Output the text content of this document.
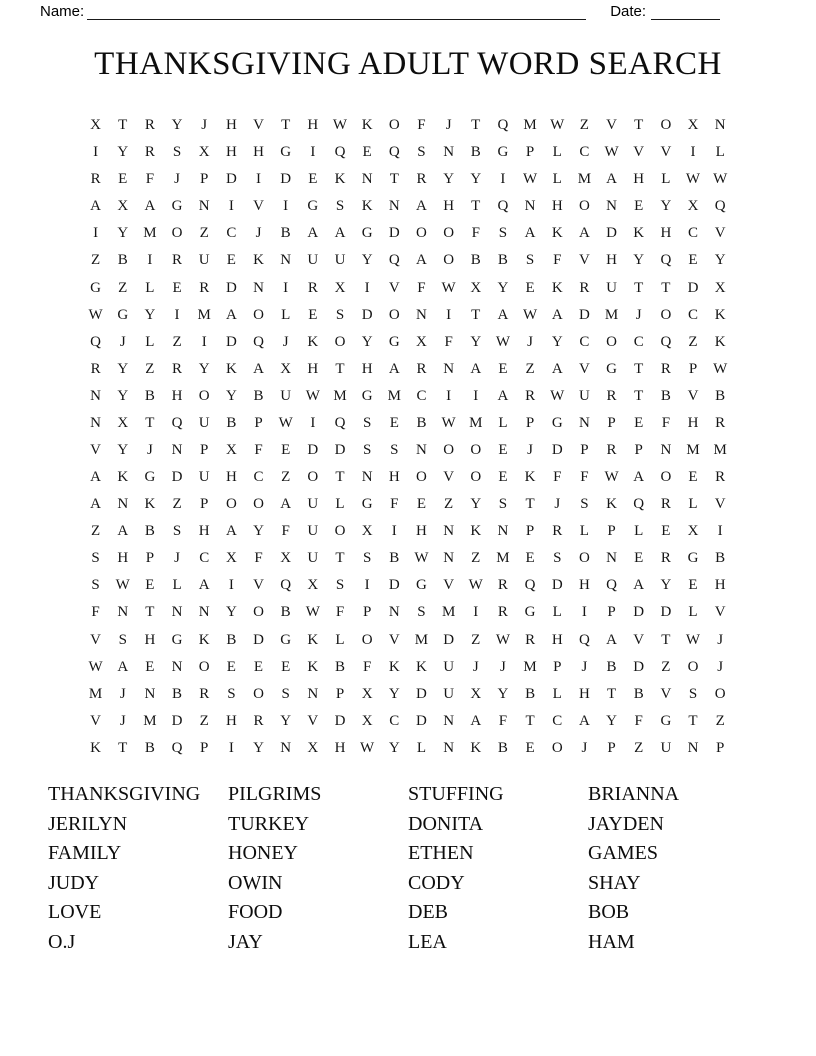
Name:	Date:
THANKSGIVING ADULT WORD SEARCH
X	T	R	Y	J	H	V	T	H W K	O	F	J	T	Q	M W	Z	V	T	O	X	N
I	Y	R	S	X	H	H	G	I	Q	E	Q	S	N	B	G	P	L	C	W V	V	I	L
R	E	F	J	P	D	I	D	E	K	N	T	R	Y	Y	I	W	L	M	A	H	L	W W
A	X	A	G	N	I	V	I	G	S	K	N	A	H	T	Q	N	H	O	N	E	Y	X	Q
I	Y	M	O	Z	C	J	B	A	A	G	D	O	O	F	S	A	K	A	D	K	H	C	V
Z	B	I	R	U	E	K	N	U	U	Y	Q	A	O	B	B	S	F	V	H	Y	Q	E	Y
G	Z	L	E	R	D	N	I	R	X	I	V	F	W X	Y	E	K	R	U	T	T	D	X
W G	Y	I	M	A	O	L	E	S	D	O	N	I	T	A W A	D	M	J	O	C	K
Q	J	L	Z	I	D	Q	J	K	O	Y	G	X	F	Y W	J	Y	C	O	C	Q	Z	K
R	Y	Z	R	Y	K	A	X	H	T	H	A	R	N	A	E	Z	A	V	G	T	R	P	W
N	Y	B	H	O	Y	B	U W M	G	M	C	I	I	A	R	W U	R	T	B	V	B
N	X	T	Q	U	B	P	W	I	Q	S	E	B	W M	L	P	G	N	P	E	F	H	R
V	Y	J	N	P	X	F	E	D	D	S	S	N	O	O	E	J	D	P	R	P	N	M M
A	K	G	D	U	H	C	Z	O	T	N	H	O	V	O	E	K	F	F	W A	O	E	R
A	N	K	Z	P	O	O	A	U	L	G	F	E	Z	Y	S	T	J	S	K	Q	R	L	V
Z	A	B	S	H	A	Y	F	U	O	X	I	H	N	K	N	P	R	L	P	L	E	X	I
S	H	P	J	C	X	F	X	U	T	S	B	W N	Z	M	E	S	O	N	E	R	G	B
S	W	E	L	A	I	V	Q	X	S	I	D	G	V W	R	Q	D	H	Q	A	Y	E	H
F	N	T	N	N	Y	O	B	W	F	P	N	S	M	I	R	G	L	I	P	D	D	L	V
V	S	H	G	K	B	D	G	K	L	O	V	M	D	Z	W	R	H	Q	A	V	T	W	J
W A	E	N	O	E	E	E	K	B	F	K	K	U	J	J	M	P	J	B	D	Z	O	J
M	J	N	B	R	S	O	S	N	P	X	Y	D	U	X	Y	B	L	H	T	B	V	S	O
V	J	M	D	Z	H	R	Y	V	D	X	C	D	N	A	F	T	C	A	Y	F	G	T	Z
K	T	B	Q	P	I	Y	N	X	H W Y	L	N	K	B	E	O	J	P	Z	U	N	P
THANKSGIVING	PILGRIMS	STUFFING	BRIANNA
JERILYN	TURKEY	DONITA	JAYDEN
FAMILY	HONEY	ETHEN	GAMES
JUDY	OWIN	CODY	SHAY
LOVE	FOOD	DEB	BOB
O.J	JAY	LEA	HAM
